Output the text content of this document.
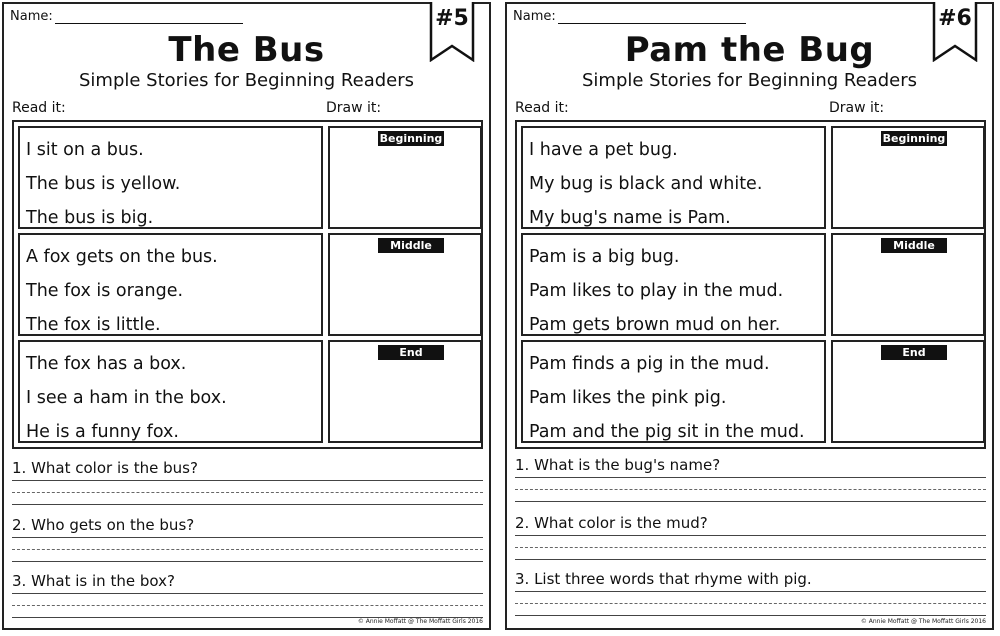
Name:	#5
The Bus
Simple Stories for Beginning Readers
Read it:	Draw it:
I sit on a bus.
The bus is yellow.
The bus is big.
Beginning
A fox gets on the bus.
The fox is orange.
The fox is little.
Middle
The fox has a box.
I see a ham in the box.
He is a funny fox.
End
1. What color is the bus?
2. Who gets on the bus?
3. What is in the box?
© Annie Moffatt @ The Moffatt Girls 2016
Name:	#6
Pam the Bug
Simple Stories for Beginning Readers
Read it:	Draw it:
I have a pet bug.
My bug is black and white.
My bug's name is Pam.
Beginning
Pam is a big bug.
Pam likes to play in the mud.
Pam gets brown mud on her.
Middle
Pam finds a pig in the mud.
Pam likes the pink pig.
Pam and the pig sit in the mud.
End
1. What is the bug's name?
2. What color is the mud?
3. List three words that rhyme with pig.
© Annie Moffatt @ The Moffatt Girls 2016
